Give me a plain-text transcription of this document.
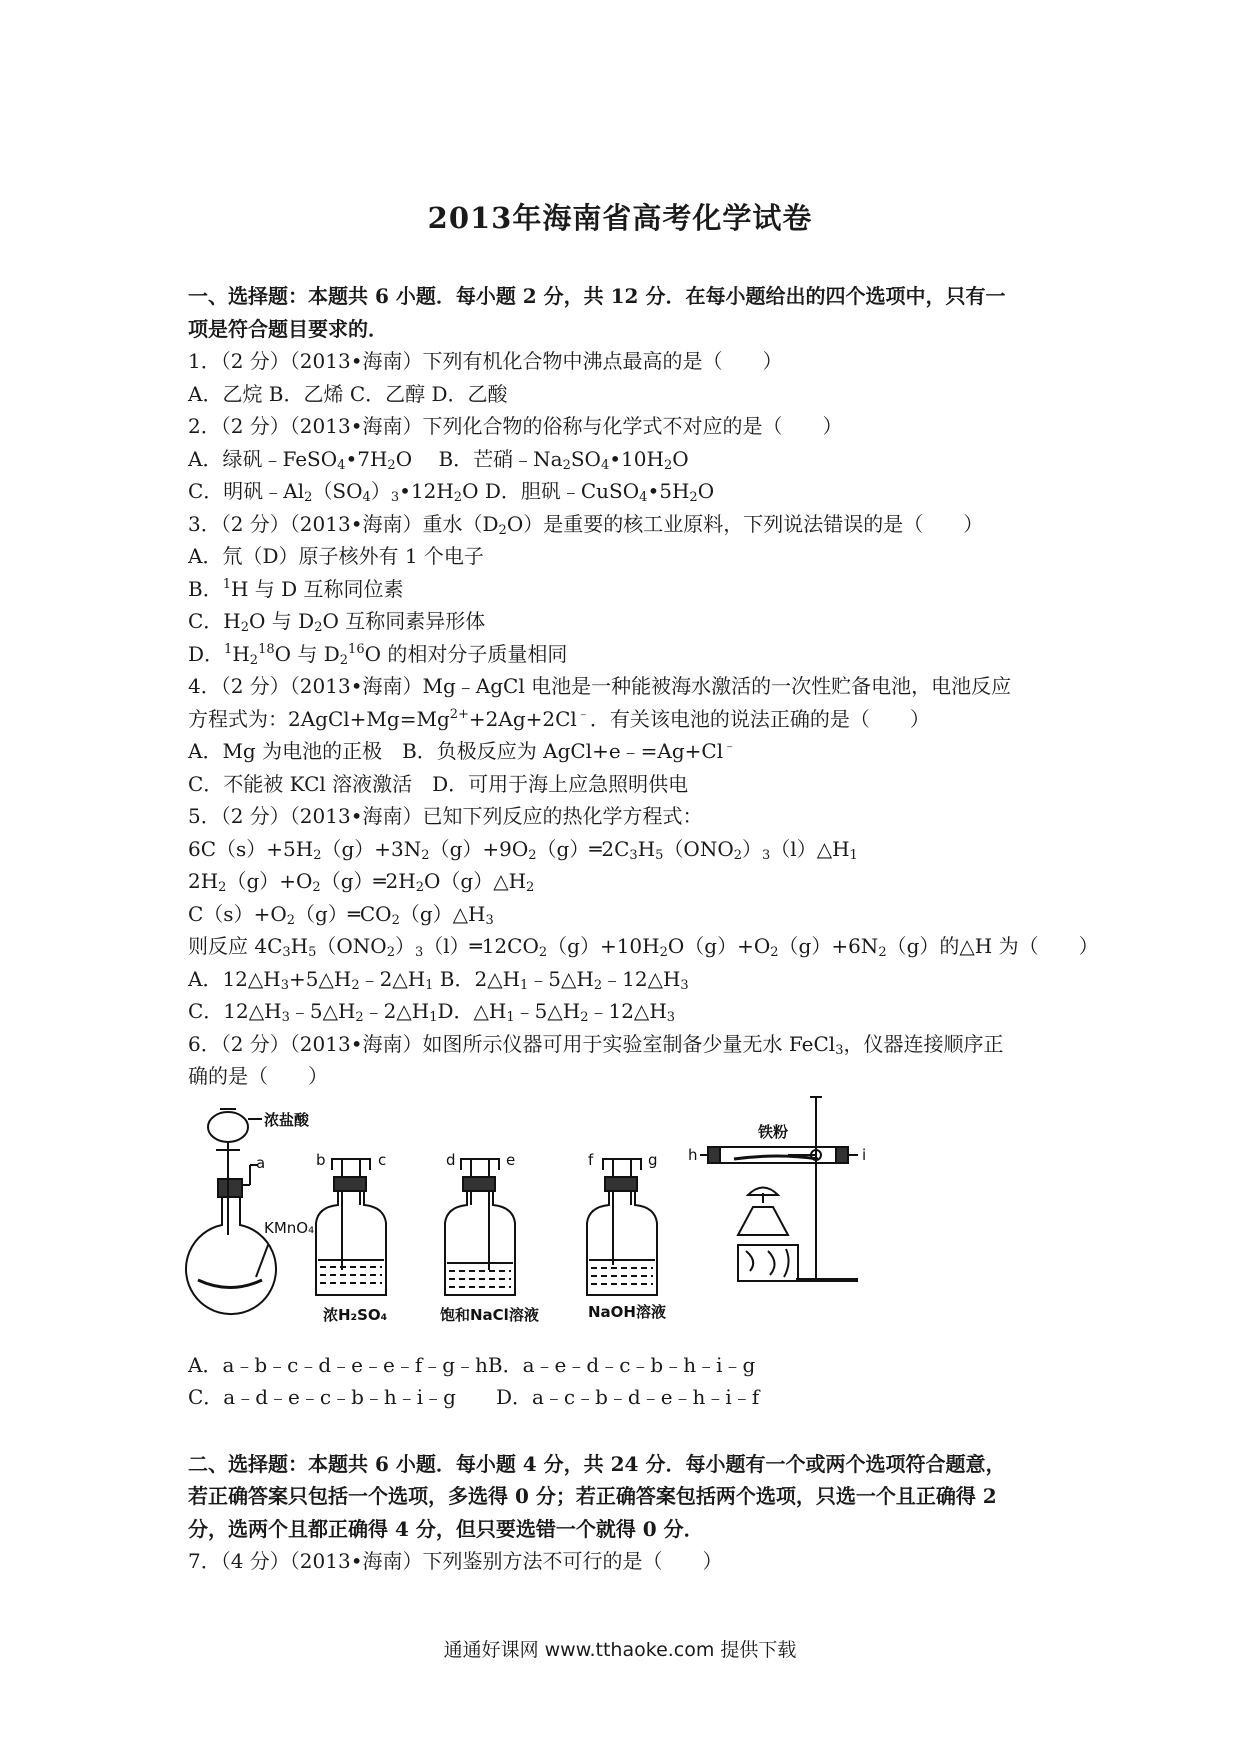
2013年海南省高考化学试卷
一、选择题：本题共 6 小题．每小题 2 分，共 12 分．在每小题给出的四个选项中，只有一
项是符合题目要求的．
1．（2 分）（2013•海南）下列有机化合物中沸点最高的是（　　）
A．乙烷 B．乙烯 C．乙醇 D．乙酸
2．（2 分）（2013•海南）下列化合物的俗称与化学式不对应的是（　　）
A．绿矾$﹣FeSO_4•7H_2O$　 B．芒硝$﹣Na_2SO_4•10H_2O$
C．明矾$﹣Al_2(SO_4)_3•12H_2O$ D．胆矾$﹣CuSO_4•5H_2O$
3．（2 分）（2013•海南）重水$(D_2O)$是重要的核工业原料，下列说法错误的是（　　）
A．氘（D）原子核外有 1 个电子
B．$^1$H 与 D 互称同位素
C．$H_2O$ 与 $D_2O$ 互称同素异形体
D．$^1H_2^{18}O$ 与 $D_2^{16}O$ 的相对分子质量相同
4．（2 分）（2013•海南）Mg﹣AgCl 电池是一种能被海水激活的一次性贮备电池，电池反应
方程式为：$2AgCl+Mg=Mg^{2+}+2Ag+2Cl^﹣$．有关该电池的说法正确的是（　　）
A．Mg 为电池的正极　B．负极反应为 AgCl+e﹣=Ag+Cl﹣
C．不能被 KCl 溶液激活　D．可用于海上应急照明供电
5．（2 分）（2013•海南）已知下列反应的热化学方程式：
$6C(s)+5H_2(g)+3N_2(g)+9O_2(g)═2C_3H_5(ONO_2)_3(l)\triangle H_1$
$2H_2(g)+O_2(g)═2H_2O(g)\triangle H_2$
$C(s)+O_2(g)═CO_2(g)\triangle H_3$
则反应 $4C_3H_5(ONO_2)_3(l)═12CO_2(g)+10H_2O(g)+O_2(g)+6N_2(g)$的△H 为（　　）
A．$12\triangle H_3+5\triangle H_2﹣2\triangle H_1$ B．$2\triangle H_1﹣5\triangle H_2﹣12\triangle H_3$
C．$12\triangle H_3﹣5\triangle H_2﹣2\triangle H_1D$．$\triangle H_1﹣5\triangle H_2﹣12\triangle H_3$
6．（2 分）（2013•海南）如图所示仪器可用于实验室制备少量无水 FeCl$_3$，仪器连接顺序正
确的是（　　）
浓盐酸
a
KMnO₄
b	c
浓H₂SO₄
d	e
饱和NaCl溶液
f	g
NaOH溶液
铁粉
h	i
A．a﹣b﹣c﹣d﹣e﹣e﹣f﹣g﹣hB．a﹣e﹣d﹣c﹣b﹣h﹣i﹣g
C．a﹣d﹣e﹣c﹣b﹣h﹣i﹣g　　D．a﹣c﹣b﹣d﹣e﹣h﹣i﹣f
二、选择题：本题共 6 小题．每小题 4 分，共 24 分．每小题有一个或两个选项符合题意，
若正确答案只包括一个选项，多选得 0 分；若正确答案包括两个选项，只选一个且正确得 2
分，选两个且都正确得 4 分，但只要选错一个就得 0 分．
7．（4 分）（2013•海南）下列鉴别方法不可行的是（　　）
通通好课网 www.tthaoke.com 提供下载
